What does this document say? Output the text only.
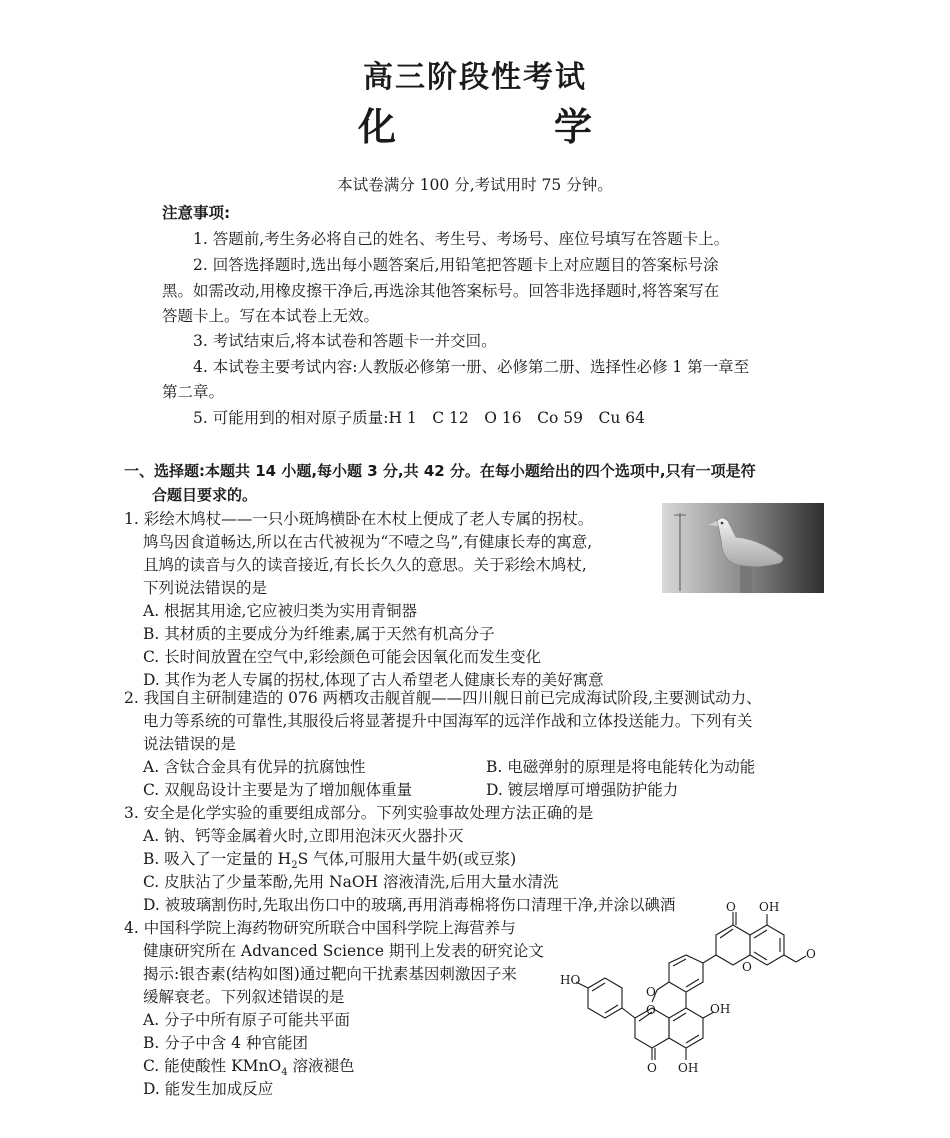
高三阶段性考试
化　学
本试卷满分 100 分,考试用时 75 分钟。
注意事项:
1. 答题前,考生务必将自己的姓名、考生号、考场号、座位号填写在答题卡上。
2. 回答选择题时,选出每小题答案后,用铅笔把答题卡上对应题目的答案标号涂
黑。如需改动,用橡皮擦干净后,再选涂其他答案标号。回答非选择题时,将答案写在
答题卡上。写在本试卷上无效。
3. 考试结束后,将本试卷和答题卡一并交回。
4. 本试卷主要考试内容:人教版必修第一册、必修第二册、选择性必修 1 第一章至
第二章。
5. 可能用到的相对原子质量:H 1　C 12　O 16　Co 59　Cu 64
一、选择题:本题共 14 小题,每小题 3 分,共 42 分。在每小题给出的四个选项中,只有一项是符
合题目要求的。
1. 彩绘木鸠杖——一只小斑鸠横卧在木杖上便成了老人专属的拐杖。
鸠鸟因食道畅达,所以在古代被视为“不噎之鸟”,有健康长寿的寓意,
且鸠的读音与久的读音接近,有长长久久的意思。关于彩绘木鸠杖,
下列说法错误的是
A. 根据其用途,它应被归类为实用青铜器
B. 其材质的主要成分为纤维素,属于天然有机高分子
C. 长时间放置在空气中,彩绘颜色可能会因氧化而发生变化
D. 其作为老人专属的拐杖,体现了古人希望老人健康长寿的美好寓意
2. 我国自主研制建造的 076 两栖攻击舰首舰——四川舰日前已完成海试阶段,主要测试动力、
电力等系统的可靠性,其服役后将显著提升中国海军的远洋作战和立体投送能力。下列有关
说法错误的是
A. 含钛合金具有优异的抗腐蚀性	B. 电磁弹射的原理是将电能转化为动能
C. 双舰岛设计主要是为了增加舰体重量	D. 镀层增厚可增强防护能力
3. 安全是化学实验的重要组成部分。下列实验事故处理方法正确的是
A. 钠、钙等金属着火时,立即用泡沫灭火器扑灭
B. 吸入了一定量的 $H_2S$ 气体,可服用大量牛奶(或豆浆)
C. 皮肤沾了少量苯酚,先用 NaOH 溶液清洗,后用大量水清洗
D. 被玻璃割伤时,先取出伤口中的玻璃,再用消毒棉将伤口清理干净,并涂以碘酒
4. 中国科学院上海药物研究所联合中国科学院上海营养与
健康研究所在 Advanced Science 期刊上发表的研究论文
揭示:银杏素(结构如图)通过靶向干扰素基因刺激因子来
缓解衰老。下列叙述错误的是
A. 分子中所有原子可能共平面
B. 分子中含 4 种官能团
C. 能使酸性 KMnO$_4$ 溶液褪色
D. 能发生加成反应
O OH
O
O
O
OH
O
OH
O
HO
